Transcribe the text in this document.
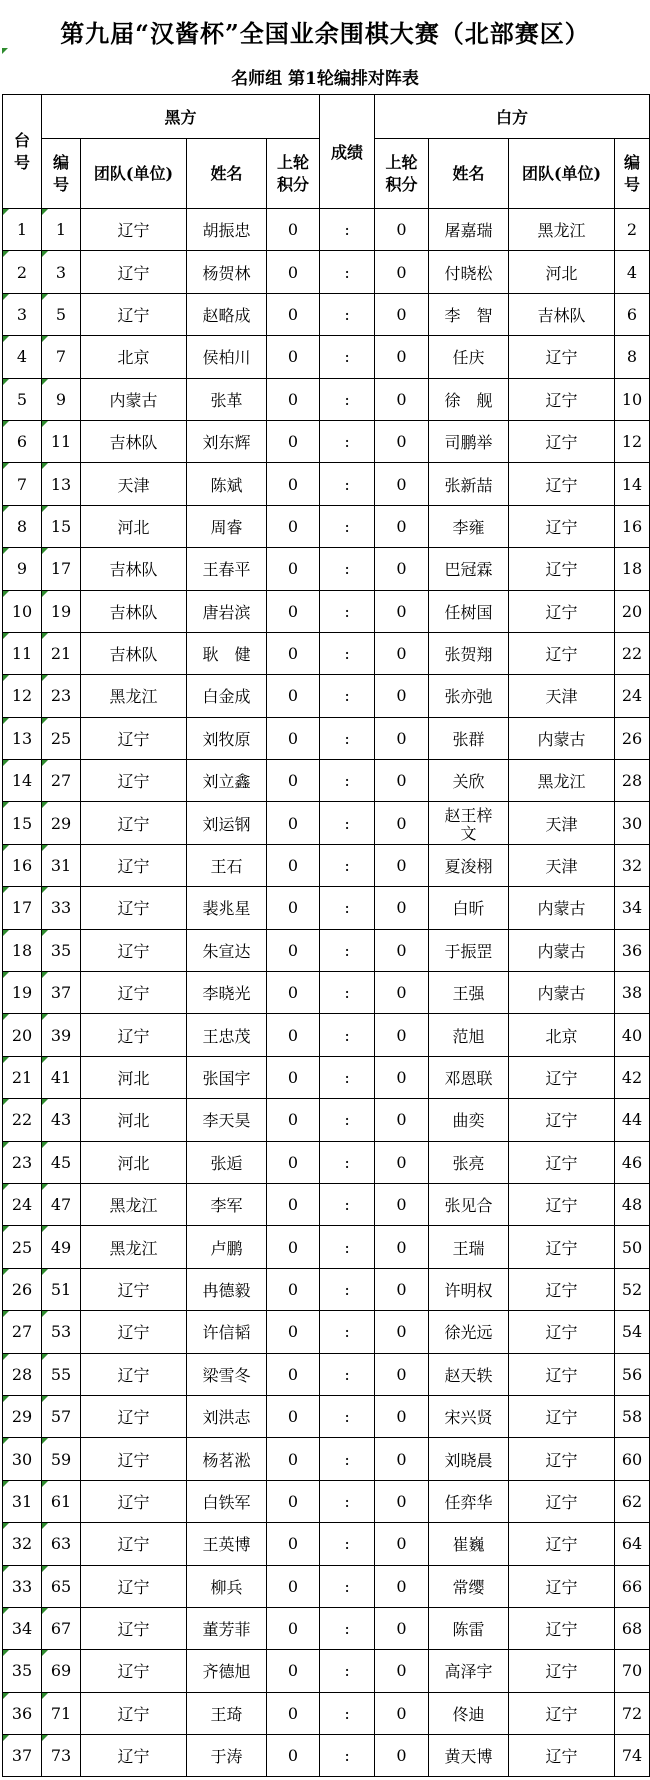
第九届“汉酱杯”全国业余围棋大赛（北部赛区）
名师组 第1轮编排对阵表
台号	黑方				成绩	白方			
	编号	团队(单位)	姓名	上轮积分		上轮积分	姓名	团队(单位)	编号

1	1	辽宁	胡振忠	0	:	0	屠嘉瑞	黑龙江	2

2	3	辽宁	杨贺林	0	:	0	付晓松	河北	4

3	5	辽宁	赵略成	0	:	0	李　智	吉林队	6

4	7	北京	侯柏川	0	:	0	任庆	辽宁	8

5	9	内蒙古	张革	0	:	0	徐　舰	辽宁	10

6	11	吉林队	刘东辉	0	:	0	司鹏举	辽宁	12

7	13	天津	陈斌	0	:	0	张新喆	辽宁	14

8	15	河北	周睿	0	:	0	李雍	辽宁	16

9	17	吉林队	王春平	0	:	0	巴冠霖	辽宁	18

10	19	吉林队	唐岩滨	0	:	0	任树国	辽宁	20

11	21	吉林队	耿　健	0	:	0	张贺翔	辽宁	22

12	23	黑龙江	白金成	0	:	0	张亦弛	天津	24

13	25	辽宁	刘牧原	0	:	0	张群	内蒙古	26

14	27	辽宁	刘立鑫	0	:	0	关欣	黑龙江	28

15	29	辽宁	刘运钢	0	:	0	赵王梓文	天津	30

16	31	辽宁	王石	0	:	0	夏浚栩	天津	32

17	33	辽宁	裴兆星	0	:	0	白昕	内蒙古	34

18	35	辽宁	朱宣达	0	:	0	于振罡	内蒙古	36

19	37	辽宁	李晓光	0	:	0	王强	内蒙古	38

20	39	辽宁	王忠茂	0	:	0	范旭	北京	40

21	41	河北	张国宇	0	:	0	邓恩联	辽宁	42

22	43	河北	李天昊	0	:	0	曲奕	辽宁	44

23	45	河北	张逅	0	:	0	张亮	辽宁	46

24	47	黑龙江	李军	0	:	0	张见合	辽宁	48

25	49	黑龙江	卢鹏	0	:	0	王瑞	辽宁	50

26	51	辽宁	冉德毅	0	:	0	许明权	辽宁	52

27	53	辽宁	许信韬	0	:	0	徐光远	辽宁	54

28	55	辽宁	梁雪冬	0	:	0	赵天轶	辽宁	56

29	57	辽宁	刘洪志	0	:	0	宋兴贤	辽宁	58

30	59	辽宁	杨茗淞	0	:	0	刘晓晨	辽宁	60

31	61	辽宁	白铁军	0	:	0	任弈华	辽宁	62

32	63	辽宁	王英博	0	:	0	崔巍	辽宁	64

33	65	辽宁	柳兵	0	:	0	常缨	辽宁	66

34	67	辽宁	董芳菲	0	:	0	陈雷	辽宁	68

35	69	辽宁	齐德旭	0	:	0	高泽宇	辽宁	70

36	71	辽宁	王琦	0	:	0	佟迪	辽宁	72

37	73	辽宁	于涛	0	:	0	黄天博	辽宁	74
